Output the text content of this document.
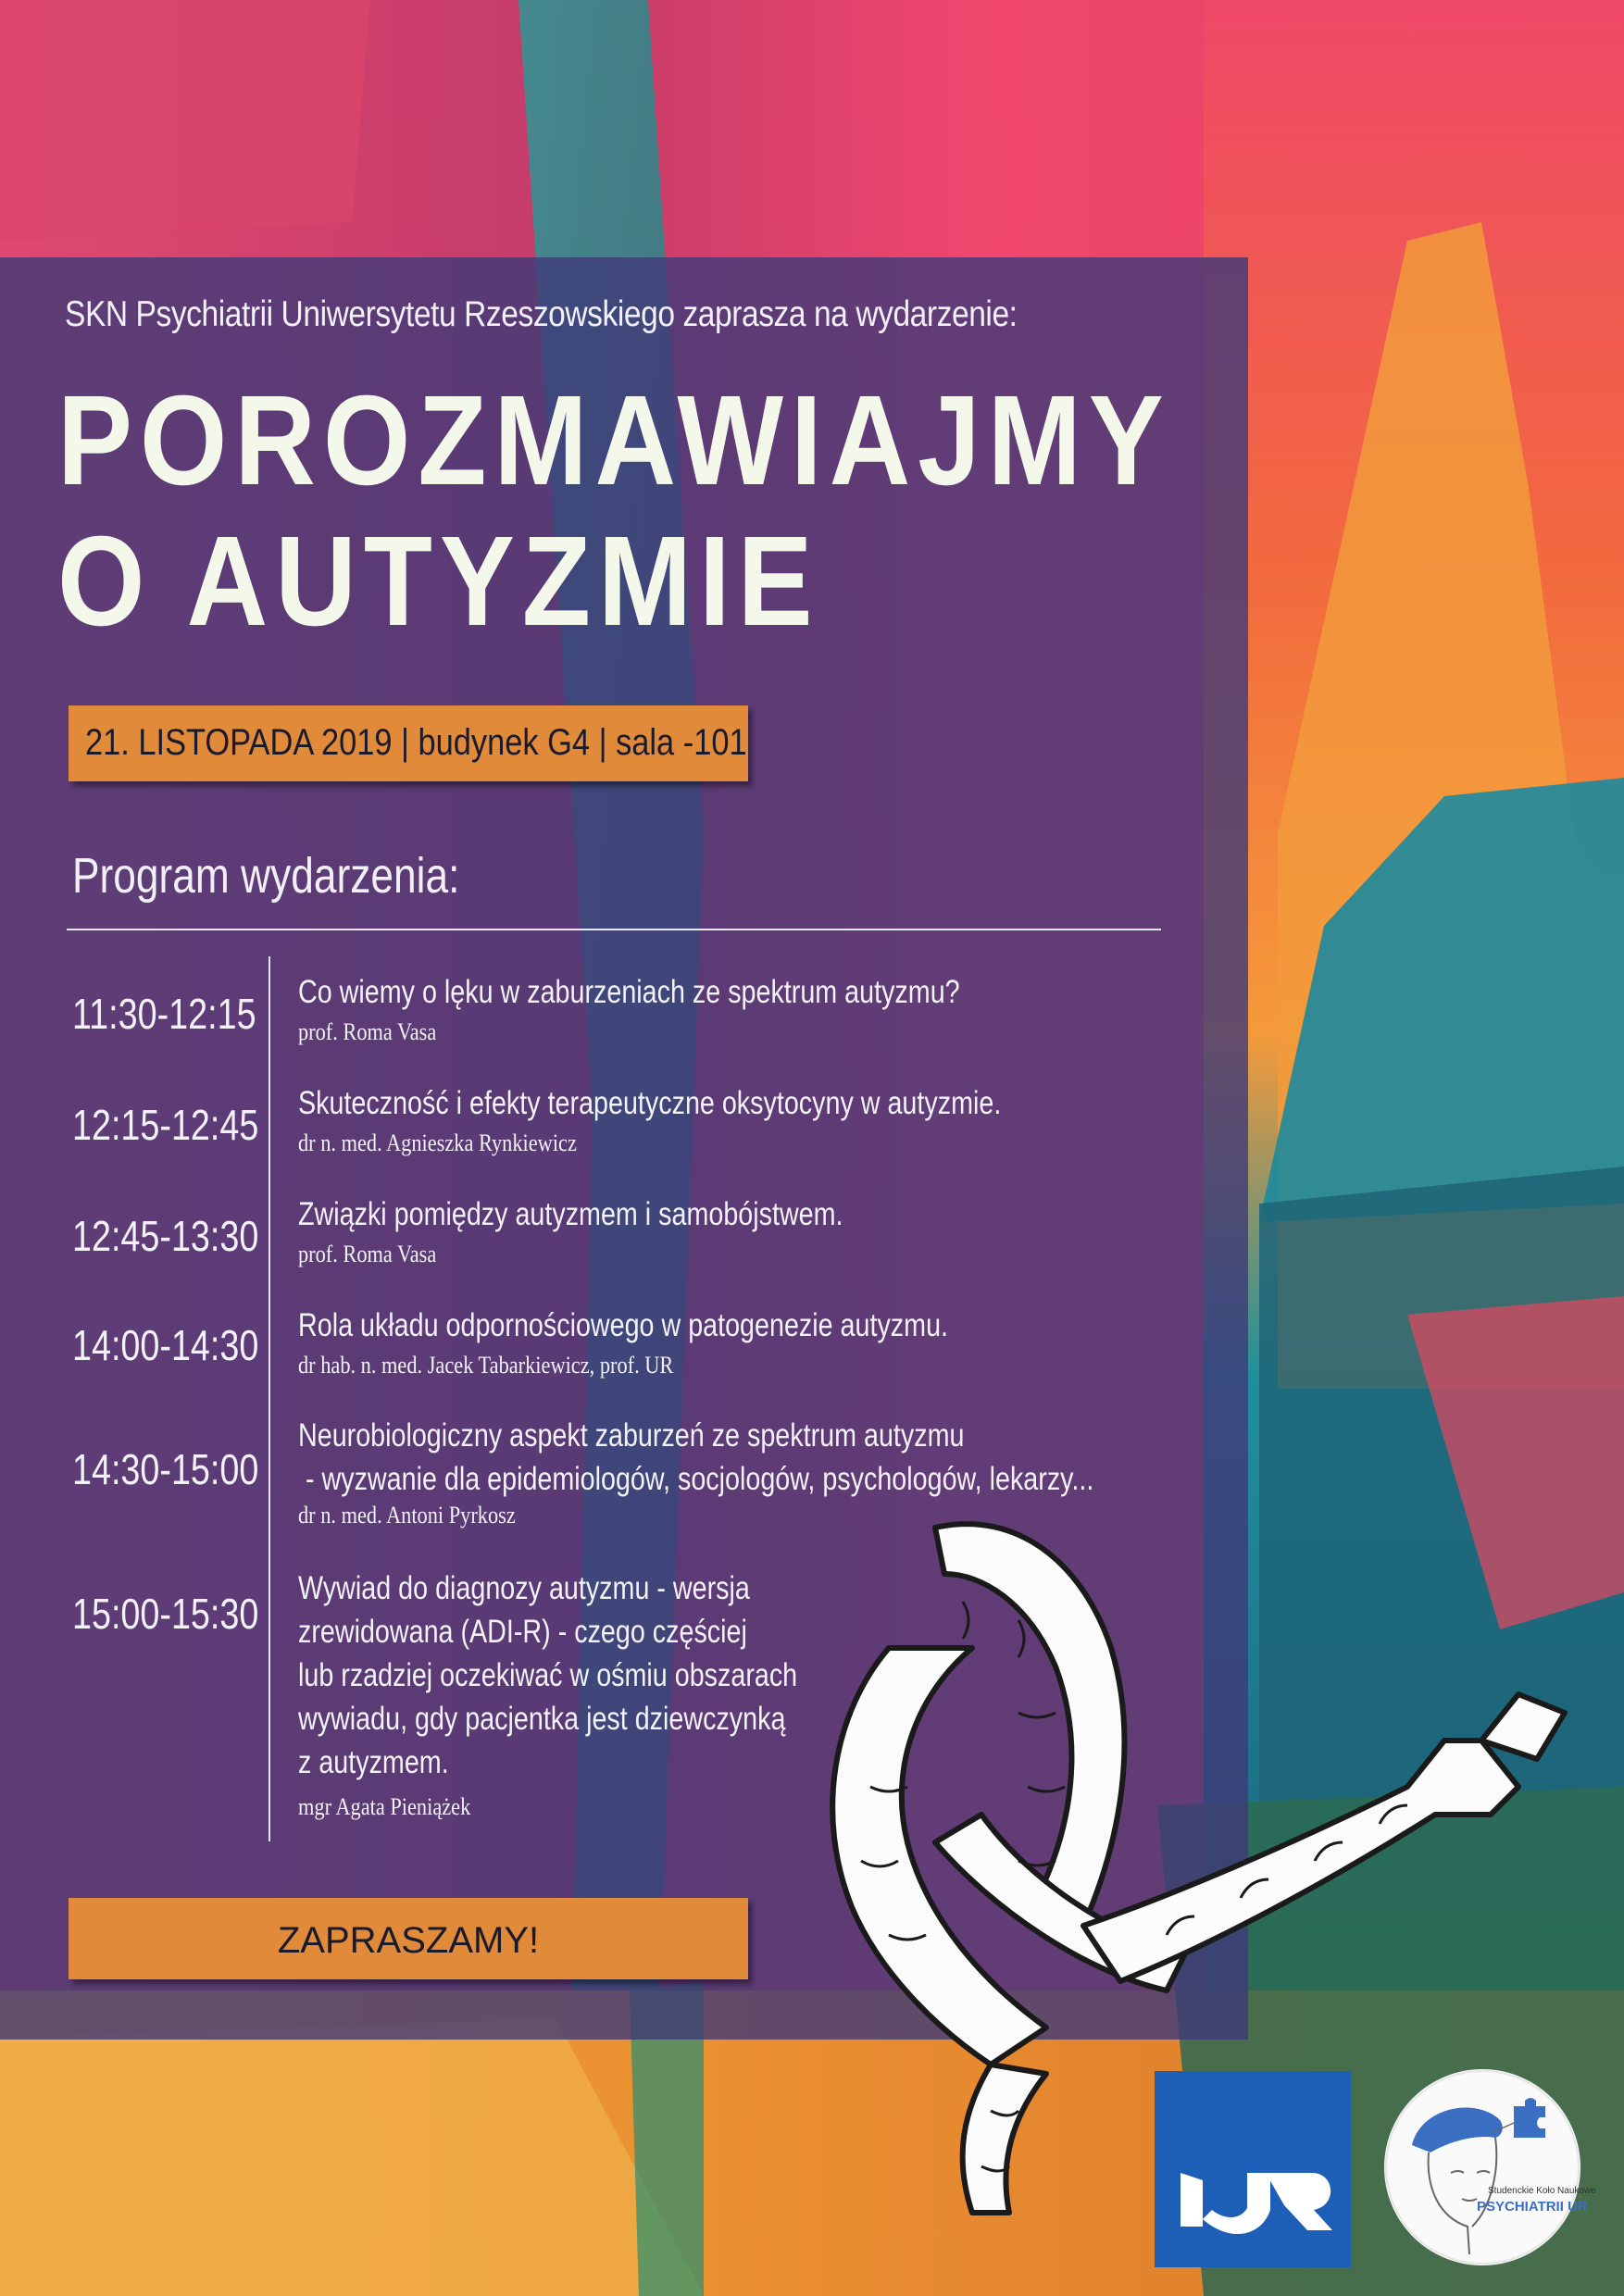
SKN Psychiatrii Uniwersytetu Rzeszowskiego zaprasza na wydarzenie:
POROZMAWIAJMY
O AUTYZMIE
21. LISTOPADA 2019 | budynek G4 | sala -101
Program wydarzenia:
11:30-12:15 Co wiemy o lęku w zaburzeniach ze spektrum autyzmu?
prof. Roma Vasa
12:15-12:45 Skuteczność i efekty terapeutyczne oksytocyny w autyzmie.
dr n. med. Agnieszka Rynkiewicz
12:45-13:30 Związki pomiędzy autyzmem i samobójstwem.
prof. Roma Vasa
14:00-14:30 Rola układu odpornościowego w patogenezie autyzmu.
dr hab. n. med. Jacek Tabarkiewicz, prof. UR
14:30-15:00
Neurobiologiczny aspekt zaburzeń ze spektrum autyzmu
- wyzwanie dla epidemiologów, socjologów, psychologów, lekarzy...
dr n. med. Antoni Pyrkosz
15:00-15:30
Wywiad do diagnozy autyzmu - wersja
zrewidowana (ADI-R) - czego częściej
lub rzadziej oczekiwać w ośmiu obszarach
wywiadu, gdy pacjentka jest dziewczynką
z autyzmem.
mgr Agata Pieniążek
ZAPRASZAMY!
Studenckie Koło Naukowe
PSYCHIATRII UR
